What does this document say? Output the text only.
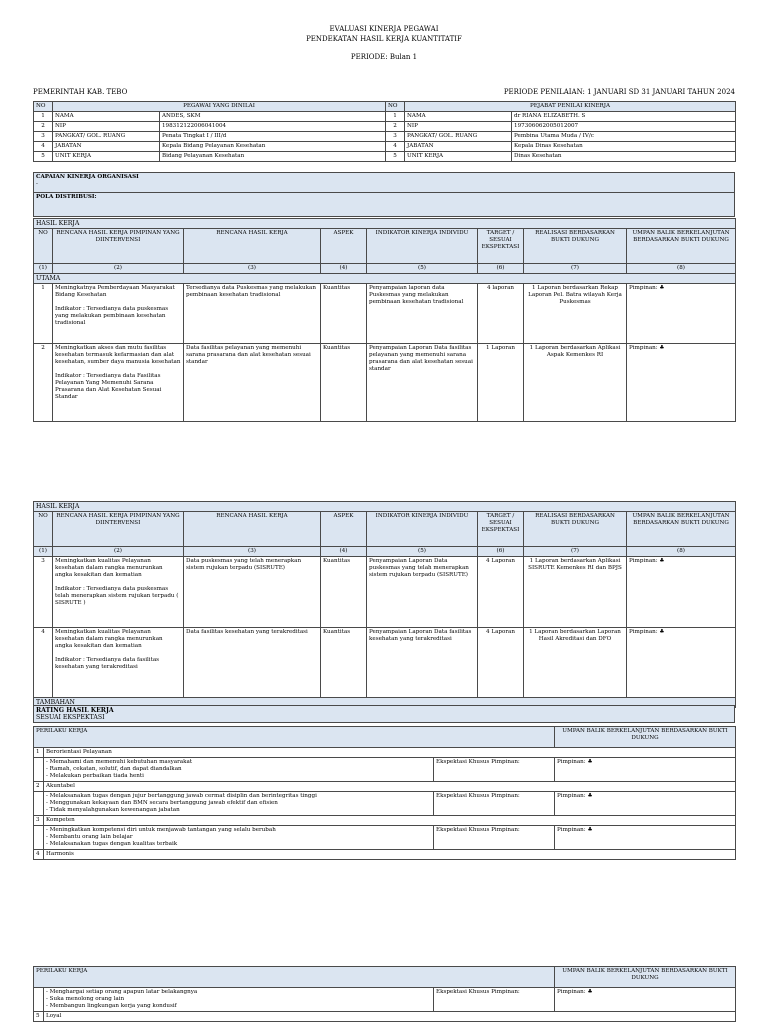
EVALUASI KINERJA PEGAWAI
PENDEKATAN HASIL KERJA KUANTITATIF
PERIODE: Bulan 1
PEMERINTAH KAB. TEBO	PERIODE PENILAIAN: 1 JANUARI SD 31 JANUARI TAHUN 2024
NO	PEGAWAI YANG DINILAI		NO	PEJABAT PENILAI KINERJA	
1	NAMA	ANDES, SKM	1	NAMA	dr RIANA ELIZABETH. S
2	NIP	198312122006041004	2	NIP	197306062005012007
3	PANGKAT/ GOL. RUANG	Penata Tingkat I / III/d	3	PANGKAT/ GOL. RUANG	Pembina Utama Muda / IV/c
4	JABATAN	Kepala Bidang Pelayanan Kesehatan	4	JABATAN	Kepala Dinas Kesehatan
5	UNIT KERJA	Bidang Pelayanan Kesehatan	5	UNIT KERJA	Dinas Kesehatan
CAPAIAN KINERJA ORGANISASI
-

POLA DISTRIBUSI:
HASIL KERJA							
NO	RENCANA HASIL KERJA PIMPINAN YANG DIINTERVENSI	RENCANA HASIL KERJA	ASPEK	INDIKATOR KINERJA INDIVIDU	TARGET / SESUAI EKSPEKTASI	REALISASI BERDASARKAN BUKTI DUKUNG	UMPAN BALIK BERKELANJUTAN BERDASARKAN BUKTI DUKUNG
(1)	(2)	(3)	(4)	(5)	(6)	(7)	(8)
UTAMA							
1	Meningkatnya Pemberdayaan Masyarakat
Bidang Kesehatan

Indikator : Tersedianya data puskesmas yang melakukan pembinaan kesehatan tradisional	Tersedianya data Puskesmas yang melakukan pembinaan kesehatan tradisional	Kuantitas	Penyampaian laporan data Puskesmas yang melakukan pembinaan kesehatan tradisional	4 laporan	1 Laporan berdasarkan Rekap Laporan Pel. Batra wilayah Kerja Puskesmas	Pimpinan: ♣
2	Meningkatkan akses dan mutu fasilitas kesehatan termasuk kefarmasian dan alat kesehatan, sumber daya manusia kesehatan

Indikator : Tersedianya data Fasilitas Pelayanan Yang Memenuhi Sarana Prasarana dan Alat Kesehatan Sesuai Standar	Data fasilitas pelayanan yang memenuhi sarana prasarana dan alat kesehatan sesuai standar	Kuantitas	Penyampaian Laporan Data fasilitas pelayanan yang memenuhi sarana prasarana dan alat kesehatan sesuai standar	1 Laporan	1 Laporan berdasarkan Aplikasi Aspak Kemenkes RI	Pimpinan: ♣
HASIL KERJA							
NO	RENCANA HASIL KERJA PIMPINAN YANG DIINTERVENSI	RENCANA HASIL KERJA	ASPEK	INDIKATOR KINERJA INDIVIDU	TARGET / SESUAI EKSPEKTASI	REALISASI BERDASARKAN BUKTI DUKUNG	UMPAN BALIK BERKELANJUTAN BERDASARKAN BUKTI DUKUNG
(1)	(2)	(3)	(4)	(5)	(6)	(7)	(8)
3	Meningkatkan kualitas Pelayanan kesehatan dalam rangka menurunkan
angka kesakitan dan kematian

Indikator : Tersedianya data puskesmas telah menerapkan sistem rujukan terpadu ( SISRUTE )	Data puskesmas yang telah menerapkan sistem rujukan terpadu (SISRUTE)	Kuantitas	Penyampaian Laporan Data puskesmas yang telah menerapkan sistem rujukan terpadu (SISRUTE)	4 Laporan	1 Laporan berdasarkan Aplikasi SISRUTE Kemenkes RI dan BPJS	Pimpinan: ♣
4	Meningkatkan kualitas Pelayanan kesehatan dalam rangka menurunkan
angka kesakitan dan kematian

Indikator : Tersedianya data fasilitas kesehatan yang terakreditasi	Data fasilitas kesehatan yang terakreditasi	Kuantitas	Penyampaian Laporan Data fasilitas kesehatan yang terakreditasi	4 Laporan	1 Laporan berdasarkan Laporan Hasil Akreditasi dan DFO	Pimpinan: ♣
TAMBAHAN							
RATING HASIL KERJA
SESUAI EKSPEKTASI
PERILAKU KERJA			UMPAN BALIK BERKELANJUTAN BERDASARKAN BUKTI DUKUNG
1	Berorientasi Pelayanan		
	- Memahami dan memenuhi kebutuhan masyarakat
- Ramah, cekatan, solutif, dan dapat diandalkan
- Melakukan perbaikan tiada henti	Ekspektasi Khusus Pimpinan:	Pimpinan: ♣
2	Akuntabel		
	- Melaksanakan tugas dengan jujur bertanggung jawab cermat disiplin dan berintegritas tinggi
- Menggunakan kekayaan dan BMN secara bertanggung jawab efektif dan efisien
- Tidak menyalahgunakan kewenangan jabatan	Ekspektasi Khusus Pimpinan:	Pimpinan: ♣
3	Kompeten		
	- Meningkatkan kompetensi diri untuk menjawab tantangan yang selalu berubah
- Membantu orang lain belajar
- Melaksanakan tugas dengan kualitas terbaik	Ekspektasi Khusus Pimpinan:	Pimpinan: ♣
4	Harmonis		
PERILAKU KERJA			UMPAN BALIK BERKELANJUTAN BERDASARKAN BUKTI DUKUNG
	- Menghargai setiap orang apapun latar belakangnya
- Suka menolong orang lain
- Membangun lingkungan kerja yang kondusif	Ekspektasi Khusus Pimpinan:	Pimpinan: ♣
5	Loyal		
